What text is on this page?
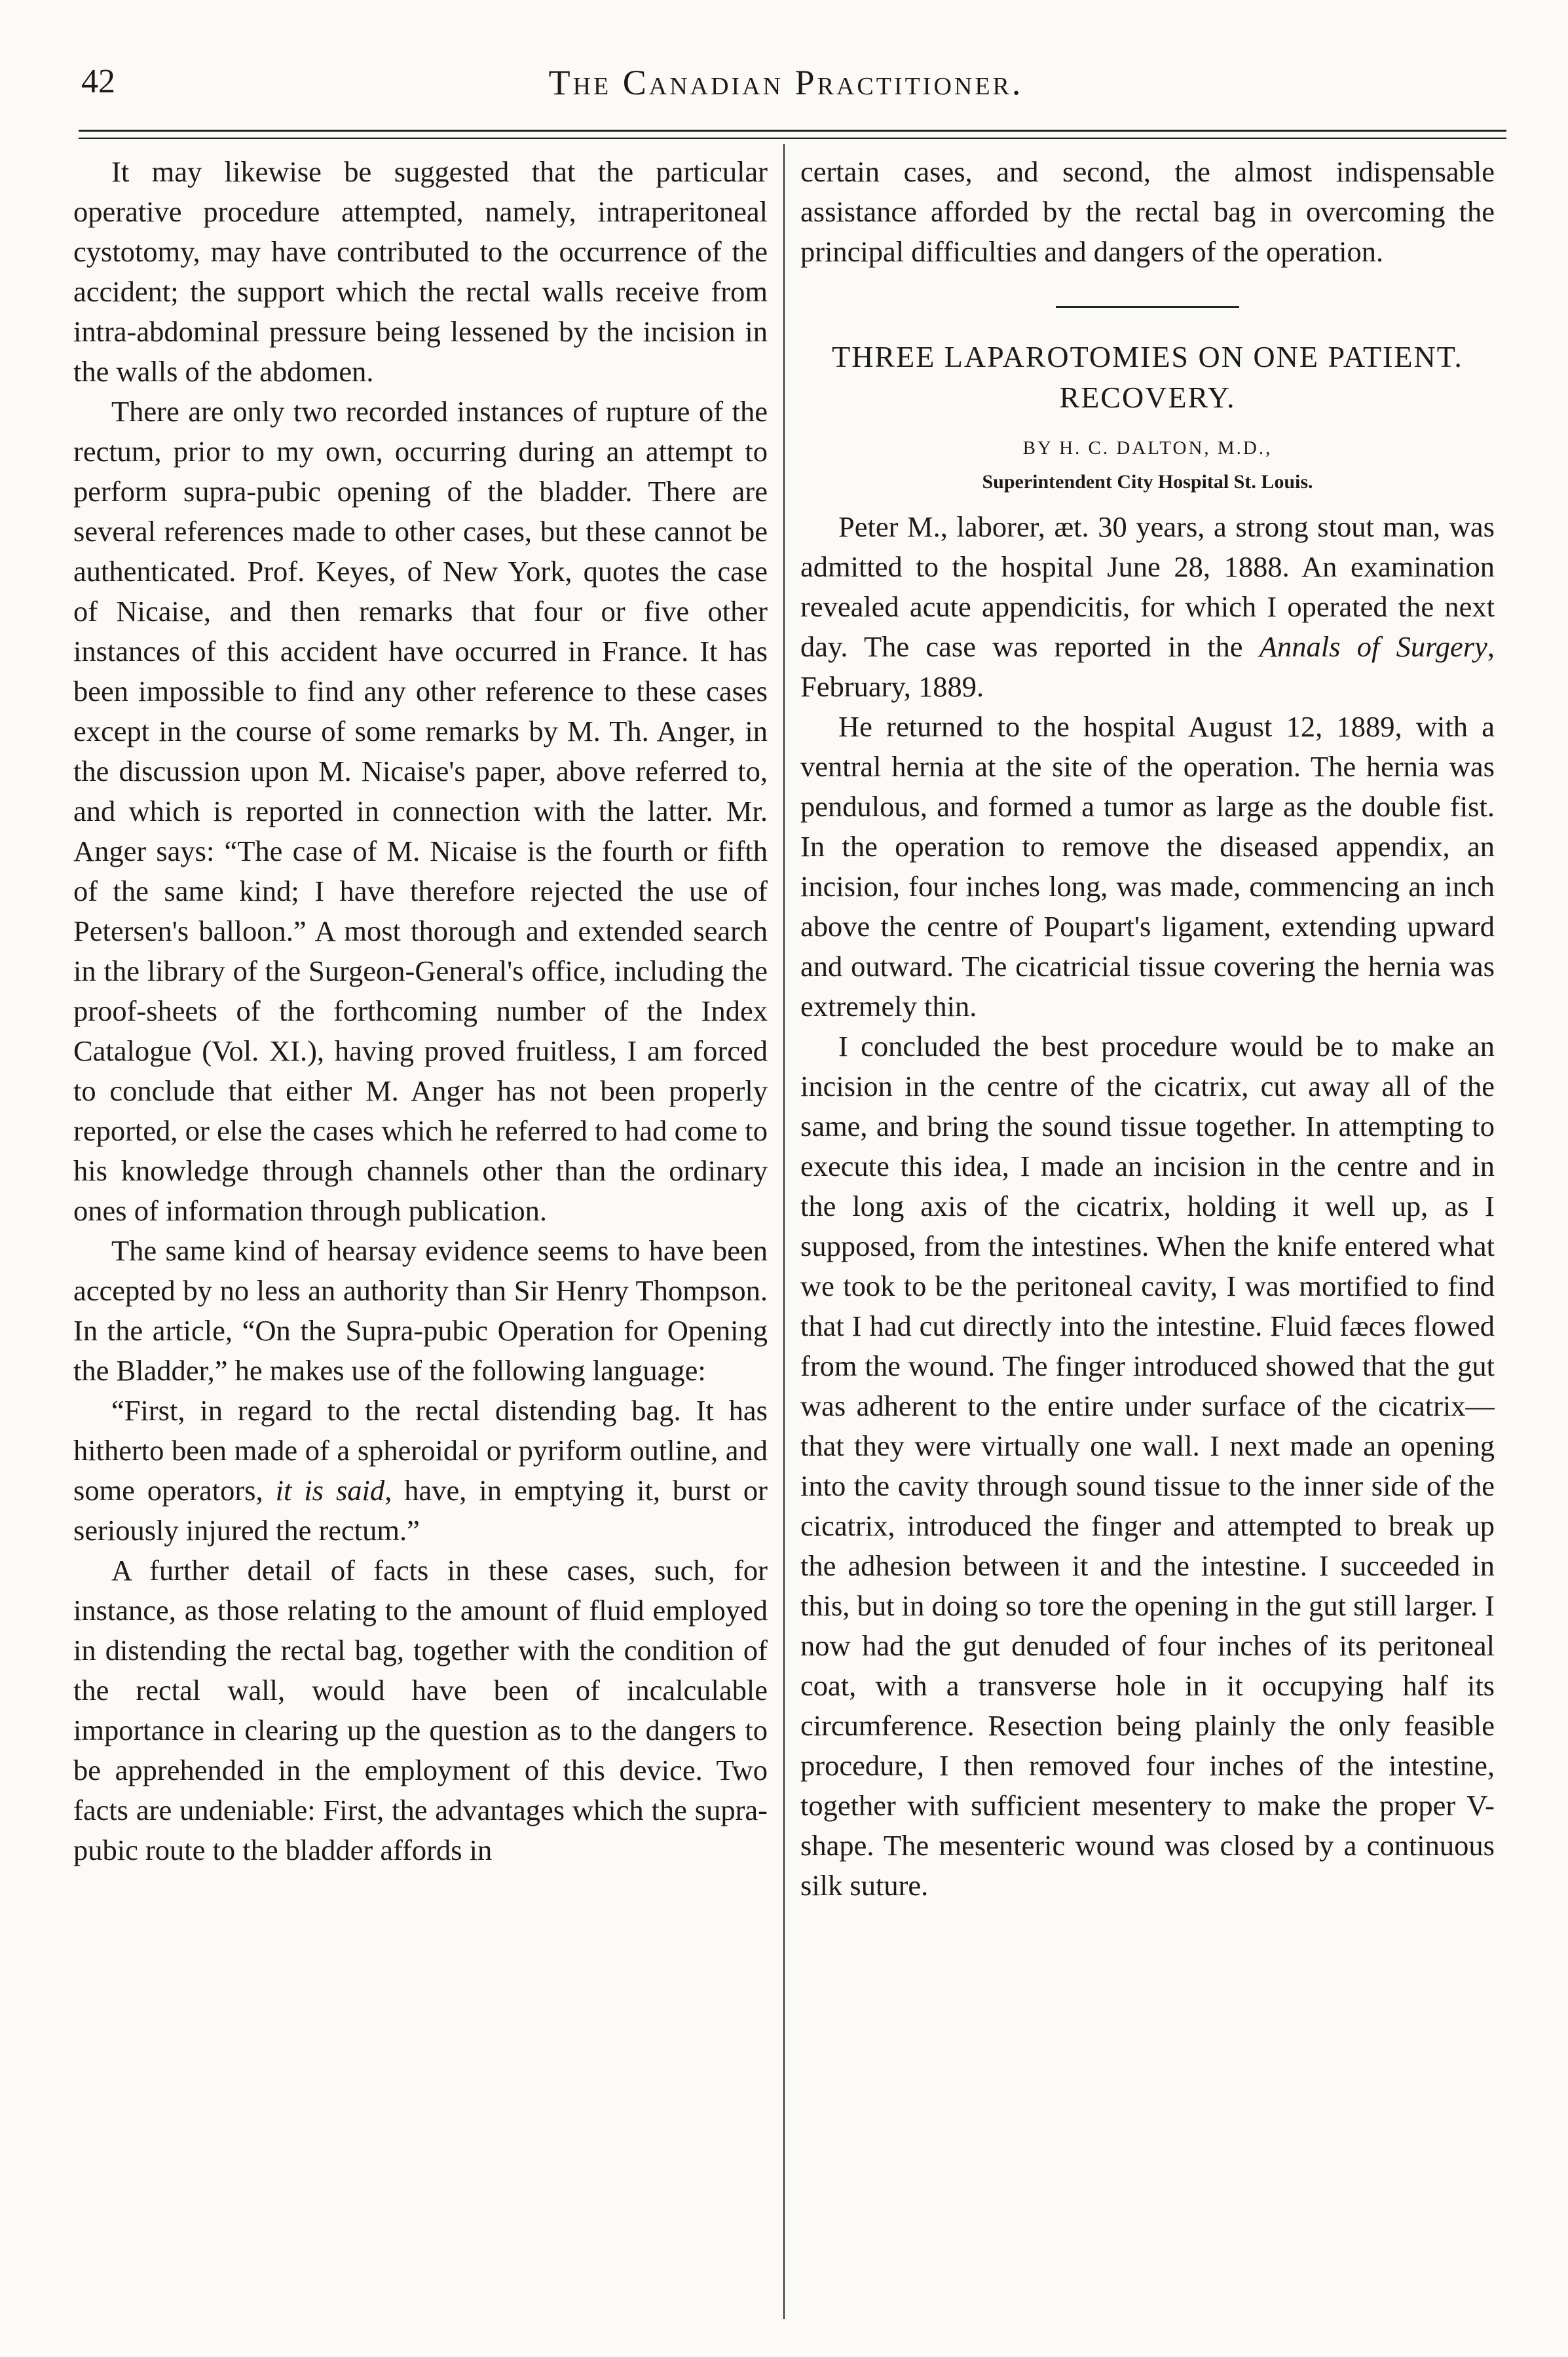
42	The Canadian Practitioner.

It may likewise be suggested that the particular operative procedure attempted, namely, intraperitoneal cystotomy, may have contributed to the occurrence of the accident; the support which the rectal walls receive from intra-abdominal pressure being lessened by the incision in the walls of the abdomen.

There are only two recorded instances of rupture of the rectum, prior to my own, occurring during an attempt to perform supra-pubic opening of the bladder. There are several references made to other cases, but these cannot be authenticated. Prof. Keyes, of New York, quotes the case of Nicaise, and then remarks that four or five other instances of this accident have occurred in France. It has been impossible to find any other reference to these cases except in the course of some remarks by M. Th. Anger, in the discussion upon M. Nicaise's paper, above referred to, and which is reported in connection with the latter. Mr. Anger says: “The case of M. Nicaise is the fourth or fifth of the same kind; I have therefore rejected the use of Petersen's balloon.” A most thorough and extended search in the library of the Surgeon-General's office, including the proof-sheets of the forthcoming number of the Index Catalogue (Vol. XI.), having proved fruitless, I am forced to conclude that either M. Anger has not been properly reported, or else the cases which he referred to had come to his knowledge through channels other than the ordinary ones of information through publication.

The same kind of hearsay evidence seems to have been accepted by no less an authority than Sir Henry Thompson. In the article, “On the Supra-pubic Operation for Opening the Bladder,” he makes use of the following language:

“First, in regard to the rectal distending bag. It has hitherto been made of a spheroidal or pyriform outline, and some operators, it is said, have, in emptying it, burst or seriously injured the rectum.”

A further detail of facts in these cases, such, for instance, as those relating to the amount of fluid employed in distending the rectal bag, together with the condition of the rectal wall, would have been of incalculable importance in clearing up the question as to the dangers to be apprehended in the employment of this device. Two facts are undeniable: First, the advantages which the supra-pubic route to the bladder affords in

certain cases, and second, the almost indispensable assistance afforded by the rectal bag in overcoming the principal difficulties and dangers of the operation.

THREE LAPAROTOMIES ON ONE PATIENT. RECOVERY.

BY H. C. DALTON, M.D.,

Superintendent City Hospital St. Louis.

Peter M., laborer, æt. 30 years, a strong stout man, was admitted to the hospital June 28, 1888. An examination revealed acute appendicitis, for which I operated the next day. The case was reported in the Annals of Surgery, February, 1889.

He returned to the hospital August 12, 1889, with a ventral hernia at the site of the operation. The hernia was pendulous, and formed a tumor as large as the double fist. In the operation to remove the diseased appendix, an incision, four inches long, was made, commencing an inch above the centre of Poupart's ligament, extending upward and outward. The cicatricial tissue covering the hernia was extremely thin.

I concluded the best procedure would be to make an incision in the centre of the cicatrix, cut away all of the same, and bring the sound tissue together. In attempting to execute this idea, I made an incision in the centre and in the long axis of the cicatrix, holding it well up, as I supposed, from the intestines. When the knife entered what we took to be the peritoneal cavity, I was mortified to find that I had cut directly into the intestine. Fluid fæces flowed from the wound. The finger introduced showed that the gut was adherent to the entire under surface of the cicatrix—that they were virtually one wall. I next made an opening into the cavity through sound tissue to the inner side of the cicatrix, introduced the finger and attempted to break up the adhesion between it and the intestine. I succeeded in this, but in doing so tore the opening in the gut still larger. I now had the gut denuded of four inches of its peritoneal coat, with a transverse hole in it occupying half its circumference. Resection being plainly the only feasible procedure, I then removed four inches of the intestine, together with sufficient mesentery to make the proper V-shape. The mesenteric wound was closed by a continuous silk suture.
